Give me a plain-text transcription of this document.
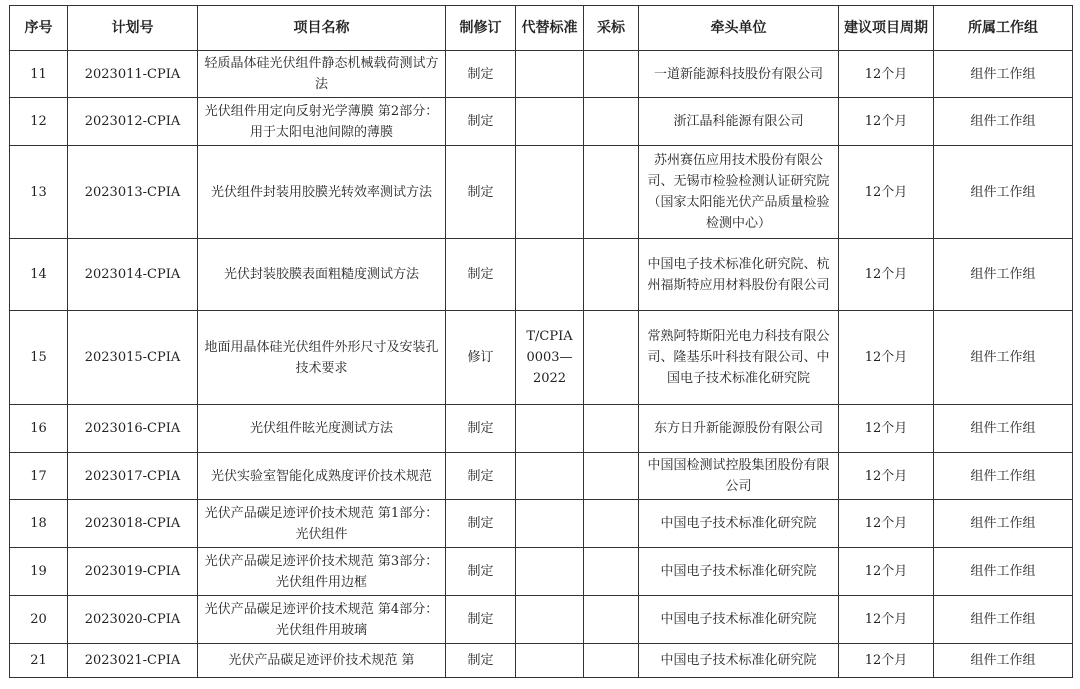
序号	计划号	项目名称	制修订	代替标准	采标	牵头单位	建议项目周期	所属工作组
11	2023011-CPIA	轻质晶体硅光伏组件静态机械载荷测试方法	制定			一道新能源科技股份有限公司	12个月	组件工作组
12	2023012-CPIA	光伏组件用定向反射光学薄膜 第2部分：用于太阳电池间隙的薄膜	制定			浙江晶科能源有限公司	12个月	组件工作组
13	2023013-CPIA	光伏组件封装用胶膜光转效率测试方法	制定			苏州赛伍应用技术股份有限公司、无锡市检验检测认证研究院（国家太阳能光伏产品质量检验检测中心）	12个月	组件工作组
14	2023014-CPIA	光伏封装胶膜表面粗糙度测试方法	制定			中国电子技术标准化研究院、杭州福斯特应用材料股份有限公司	12个月	组件工作组
15	2023015-CPIA	地面用晶体硅光伏组件外形尺寸及安装孔技术要求	修订	T/CPIA 0003—2022		常熟阿特斯阳光电力科技有限公司、隆基乐叶科技有限公司、中国电子技术标准化研究院	12个月	组件工作组
16	2023016-CPIA	光伏组件眩光度测试方法	制定			东方日升新能源股份有限公司	12个月	组件工作组
17	2023017-CPIA	光伏实验室智能化成熟度评价技术规范	制定			中国国检测试控股集团股份有限公司	12个月	组件工作组
18	2023018-CPIA	光伏产品碳足迹评价技术规范 第1部分：光伏组件	制定			中国电子技术标准化研究院	12个月	组件工作组
19	2023019-CPIA	光伏产品碳足迹评价技术规范 第3部分：光伏组件用边框	制定			中国电子技术标准化研究院	12个月	组件工作组
20	2023020-CPIA	光伏产品碳足迹评价技术规范 第4部分：光伏组件用玻璃	制定			中国电子技术标准化研究院	12个月	组件工作组
21	2023021-CPIA	光伏产品碳足迹评价技术规范 第	制定			中国电子技术标准化研究院	12个月	组件工作组
